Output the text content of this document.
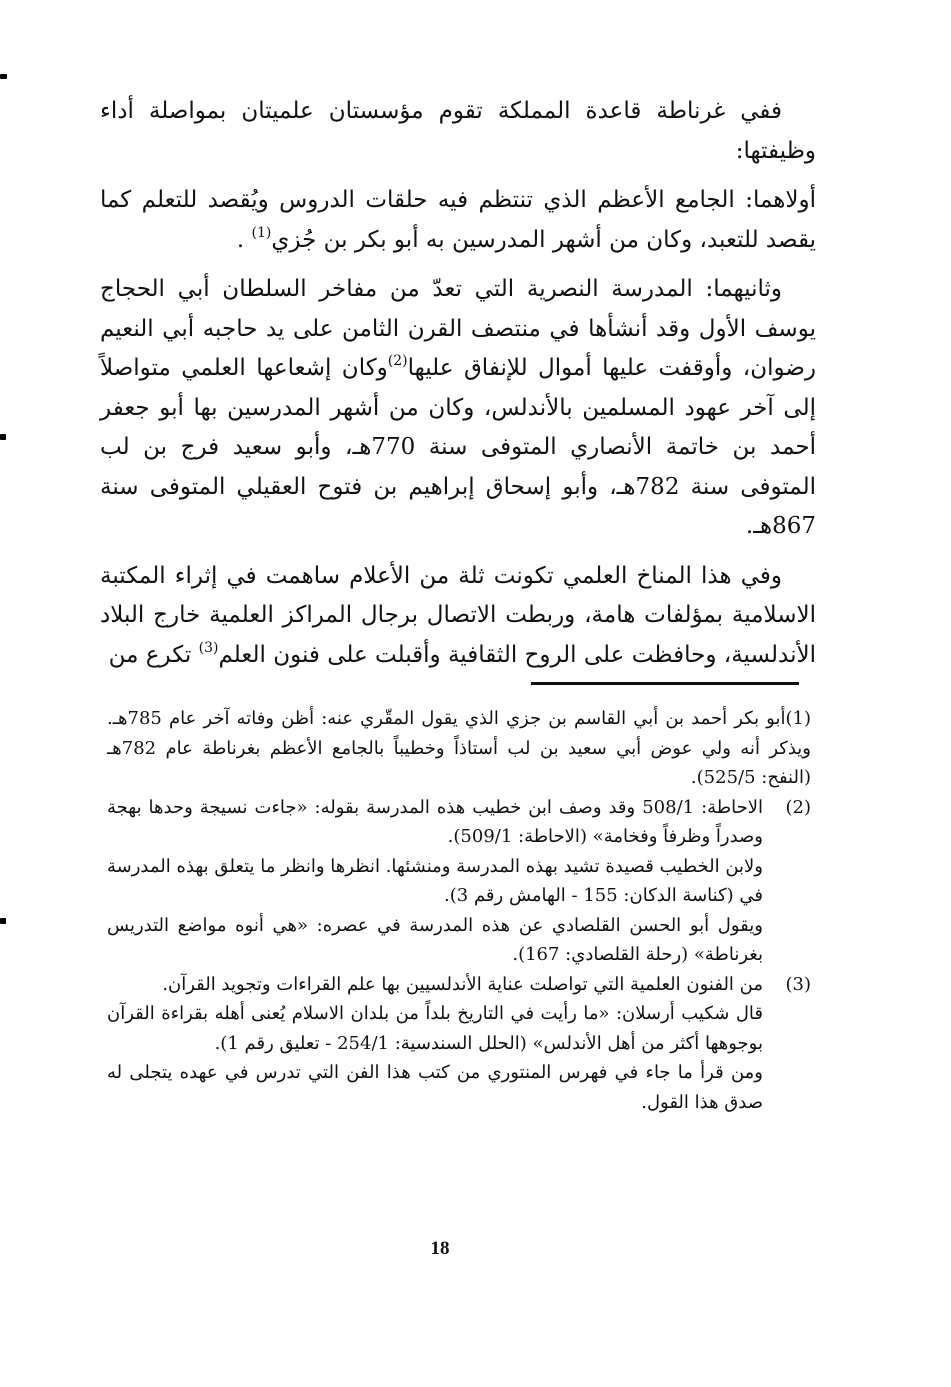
ففي غرناطة قاعدة المملكة تقوم مؤسستان علميتان بمواصلة أداء وظيفتها:

أولاهما: الجامع الأعظم الذي تنتظم فيه حلقات الدروس ويُقصد للتعلم كما يقصد للتعبد، وكان من أشهر المدرسين به أبو بكر بن جُزي$^{(1)}$ .

وثانيهما: المدرسة النصرية التي تعدّ من مفاخر السلطان أبي الحجاج يوسف الأول وقد أنشأها في منتصف القرن الثامن على يد حاجبه أبي النعيم رضوان، وأوقفت عليها أموال للإنفاق عليها$^{(2)}$وكان إشعاعها العلمي متواصلاً إلى آخر عهود المسلمين بالأندلس، وكان من أشهر المدرسين بها أبو جعفر أحمد بن خاتمة الأنصاري المتوفى سنة 770هـ، وأبو سعيد فرج بن لب المتوفى سنة 782هـ، وأبو إسحاق إبراهيم بن فتوح العقيلي المتوفى سنة 867هـ.

وفي هذا المناخ العلمي تكونت ثلة من الأعلام ساهمت في إثراء المكتبة الاسلامية بمؤلفات هامة، وربطت الاتصال برجال المراكز العلمية خارج البلاد الأندلسية، وحافظت على الروح الثقافية وأقبلت على فنون العلم$^{(3)}$ تكرع من

(1)أبو بكر أحمد بن أبي القاسم بن جزي الذي يقول المقّري عنه: أظن وفاته آخر عام 785هـ. ويذكر أنه ولي عوض أبي سعيد بن لب أستاذاً وخطيباً بالجامع الأعظم بغرناطة عام 782هـ (النفح: 525/5).

(2)

الاحاطة: 508/1 وقد وصف ابن خطيب هذه المدرسة بقوله: «جاءت نسيجة وحدها بهجة وصدراً وظرفاً وفخامة» (الاحاطة: 509/1).

ولابن الخطيب قصيدة تشيد بهذه المدرسة ومنشئها. انظرها وانظر ما يتعلق بهذه المدرسة في (كناسة الدكان: 155 - الهامش رقم 3).

ويقول أبو الحسن القلصادي عن هذه المدرسة في عصره: «هي أنوه مواضع التدريس بغرناطة» (رحلة القلصادي: 167).

(3)

من الفنون العلمية التي تواصلت عناية الأندلسيين بها علم القراءات وتجويد القرآن.

قال شكيب أرسلان: «ما رأيت في التاريخ بلداً من بلدان الاسلام يُعنى أهله بقراءة القرآن بوجوهها أكثر من أهل الأندلس» (الحلل السندسية: 254/1 - تعليق رقم 1).

ومن قرأ ما جاء في فهرس المنتوري من كتب هذا الفن التي تدرس في عهده يتجلى له صدق هذا القول.

18
